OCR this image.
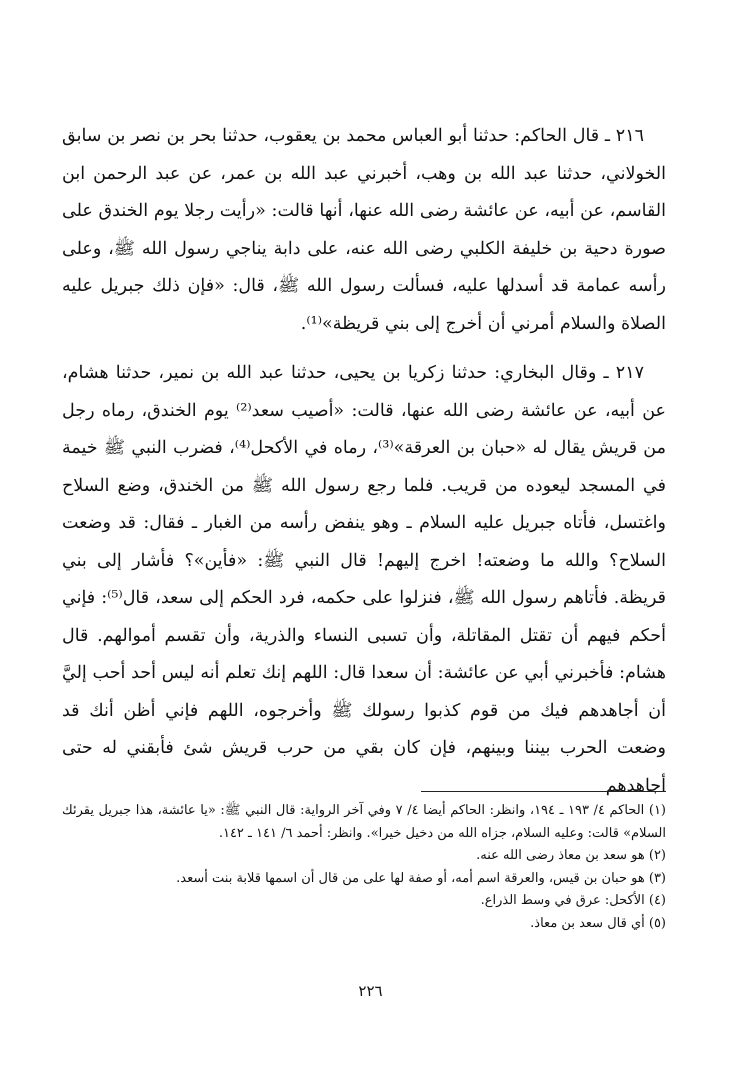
٢١٦ ـ قال الحاكم: حدثنا أبو العباس محمد بن يعقوب، حدثنا بحر بن نصر بن سابق الخولاني، حدثنا عبد الله بن وهب، أخبرني عبد الله بن عمر، عن عبد الرحمن ابن القاسم، عن أبيه، عن عائشة رضى الله عنها، أنها قالت: «رأيت رجلا يوم الخندق على صورة دحية بن خليفة الكلبي رضى الله عنه، على دابة يناجي رسول الله ﷺ، وعلى رأسه عمامة قد أسدلها عليه، فسألت رسول الله ﷺ، قال: «فإن ذلك جبريل عليه الصلاة والسلام أمرني أن أخرج إلى بني قريظة»⁽¹⁾.

٢١٧ ـ وقال البخاري: حدثنا زكريا بن يحيى، حدثنا عبد الله بن نمير، حدثنا هشام، عن أبيه، عن عائشة رضى الله عنها، قالت: «أصيب سعد⁽²⁾ يوم الخندق، رماه رجل من قريش يقال له «حبان بن العرقة»⁽³⁾، رماه في الأكحل⁽⁴⁾، فضرب النبي ﷺ خيمة في المسجد ليعوده من قريب. فلما رجع رسول الله ﷺ من الخندق، وضع السلاح واغتسل، فأتاه جبريل عليه السلام ـ وهو ينفض رأسه من الغبار ـ فقال: قد وضعت السلاح؟ والله ما وضعته! اخرج إليهم! قال النبي ﷺ: «فأين»؟ فأشار إلى بني قريظة. فأتاهم رسول الله ﷺ، فنزلوا على حكمه، فرد الحكم إلى سعد، قال⁽⁵⁾: فإني أحكم فيهم أن تقتل المقاتلة، وأن تسبى النساء والذرية، وأن تقسم أموالهم. قال هشام: فأخبرني أبي عن عائشة: أن سعدا قال: اللهم إنك تعلم أنه ليس أحد أحب إليَّ أن أجاهدهم فيك من قوم كذبوا رسولك ﷺ وأخرجوه، اللهم فإني أظن أنك قد وضعت الحرب بيننا وبينهم، فإن كان بقي من حرب قريش شئ فأبقني له حتى أجاهدهم

(١) الحاكم ٤/ ١٩٣ ـ ١٩٤، وانظر: الحاكم أيضا ٤/ ٧ وفي آخر الرواية: قال النبي ﷺ: «يا عائشة، هذا جبريل يقرئك السلام» قالت: وعليه السلام، جزاه الله من دخيل خيرا». وانظر: أحمد ٦/ ١٤١ ـ ١٤٢.

(٢) هو سعد بن معاذ رضى الله عنه.

(٣) هو حبان بن قيس، والعرقة اسم أمه، أو صفة لها على من قال أن اسمها قلابة بنت أسعد.

(٤) الأكحل: عرق في وسط الذراع.

(٥) أي قال سعد بن معاذ.

٢٢٦
